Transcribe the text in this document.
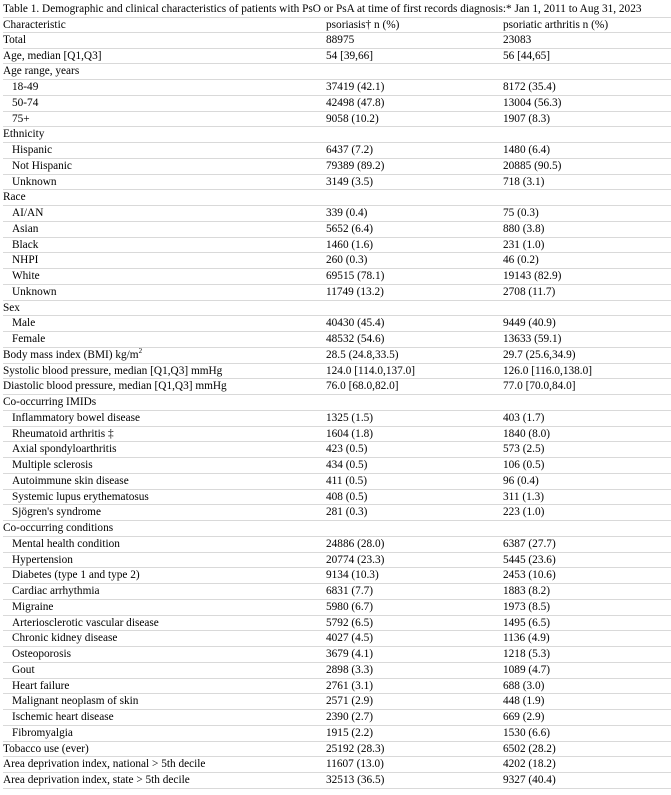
Table 1. Demographic and clinical characteristics of patients with PsO or PsA at time of first records diagnosis:* Jan 1, 2011 to Aug 31, 2023
Characteristic	psoriasis† n (%)	psoriatic arthritis n (%)
Total	88975	23083
Age, median [Q1,Q3]	54 [39,66]	56 [44,65]
Age range, years
18-49	37419 (42.1)	8172 (35.4)
50-74	42498 (47.8)	13004 (56.3)
75+	9058 (10.2)	1907 (8.3)
Ethnicity
Hispanic	6437 (7.2)	1480 (6.4)
Not Hispanic	79389 (89.2)	20885 (90.5)
Unknown	3149 (3.5)	718 (3.1)
Race
AI/AN	339 (0.4)	75 (0.3)
Asian	5652 (6.4)	880 (3.8)
Black	1460 (1.6)	231 (1.0)
NHPI	260 (0.3)	46 (0.2)
White	69515 (78.1)	19143 (82.9)
Unknown	11749 (13.2)	2708 (11.7)
Sex
Male	40430 (45.4)	9449 (40.9)
Female	48532 (54.6)	13633 (59.1)
Body mass index (BMI) $kg/m^2$	28.5 (24.8,33.5)	29.7 (25.6,34.9)
Systolic blood pressure, median [Q1,Q3] mmHg	124.0 [114.0,137.0]	126.0 [116.0,138.0]
Diastolic blood pressure, median [Q1,Q3] mmHg	76.0 [68.0,82.0]	77.0 [70.0,84.0]
Co-occurring IMIDs
Inflammatory bowel disease	1325 (1.5)	403 (1.7)
Rheumatoid arthritis ‡	1604 (1.8)	1840 (8.0)
Axial spondyloarthritis	423 (0.5)	573 (2.5)
Multiple sclerosis	434 (0.5)	106 (0.5)
Autoimmune skin disease	411 (0.5)	96 (0.4)
Systemic lupus erythematosus	408 (0.5)	311 (1.3)
Sjögren's syndrome	281 (0.3)	223 (1.0)
Co-occurring conditions
Mental health condition	24886 (28.0)	6387 (27.7)
Hypertension	20774 (23.3)	5445 (23.6)
Diabetes (type 1 and type 2)	9134 (10.3)	2453 (10.6)
Cardiac arrhythmia	6831 (7.7)	1883 (8.2)
Migraine	5980 (6.7)	1973 (8.5)
Arteriosclerotic vascular disease	5792 (6.5)	1495 (6.5)
Chronic kidney disease	4027 (4.5)	1136 (4.9)
Osteoporosis	3679 (4.1)	1218 (5.3)
Gout	2898 (3.3)	1089 (4.7)
Heart failure	2761 (3.1)	688 (3.0)
Malignant neoplasm of skin	2571 (2.9)	448 (1.9)
Ischemic heart disease	2390 (2.7)	669 (2.9)
Fibromyalgia	1915 (2.2)	1530 (6.6)
Tobacco use (ever)	25192 (28.3)	6502 (28.2)
Area deprivation index, national > 5th decile	11607 (13.0)	4202 (18.2)
Area deprivation index, state > 5th decile	32513 (36.5)	9327 (40.4)
